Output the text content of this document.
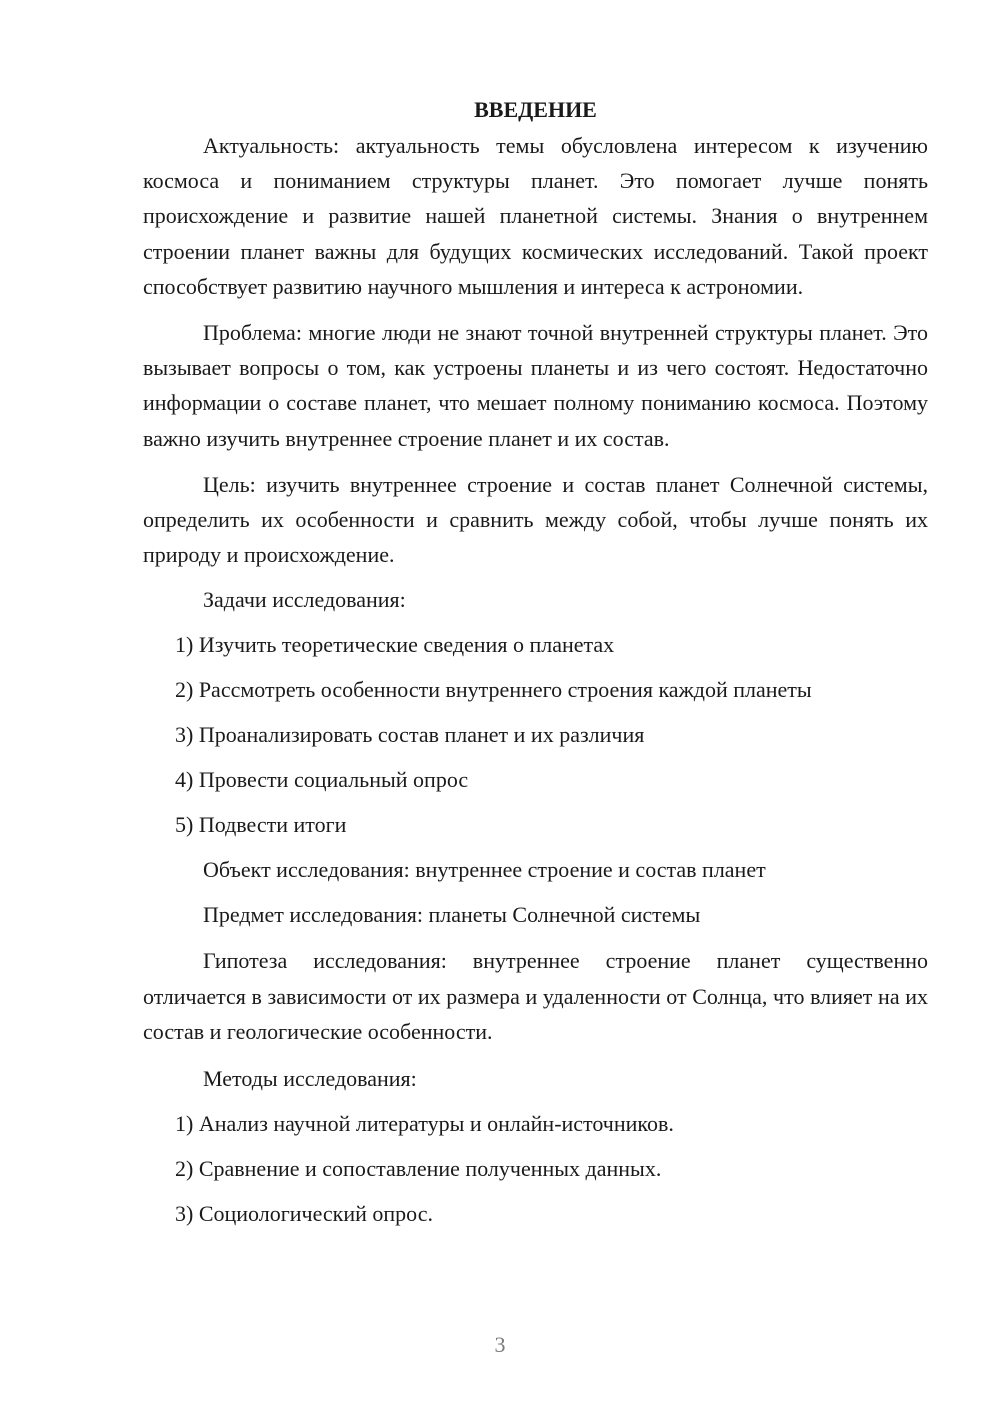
ВВЕДЕНИЕ

Актуальность: актуальность темы обусловлена интересом к изучению космоса и пониманием структуры планет. Это помогает лучше понять происхождение и развитие нашей планетной системы. Знания о внутреннем строении планет важны для будущих космических исследований. Такой проект способствует развитию научного мышления и интереса к астрономии.

Проблема: многие люди не знают точной внутренней структуры планет. Это вызывает вопросы о том, как устроены планеты и из чего состоят. Недостаточно информации о составе планет, что мешает полному пониманию космоса. Поэтому важно изучить внутреннее строение планет и их состав.

Цель: изучить внутреннее строение и состав планет Солнечной системы, определить их особенности и сравнить между собой, чтобы лучше понять их природу и происхождение.

Задачи исследования:

1) Изучить теоретические сведения о планетах

2) Рассмотреть особенности внутреннего строения каждой планеты

3) Проанализировать состав планет и их различия

4) Провести социальный опрос

5) Подвести итоги

Объект исследования: внутреннее строение и состав планет

Предмет исследования: планеты Солнечной системы

Гипотеза исследования: внутреннее строение планет существенно отличается в зависимости от их размера и удаленности от Солнца, что влияет на их состав и геологические особенности.

Методы исследования:

1) Анализ научной литературы и онлайн-источников.

2) Сравнение и сопоставление полученных данных.

3) Социологический опрос.

3
